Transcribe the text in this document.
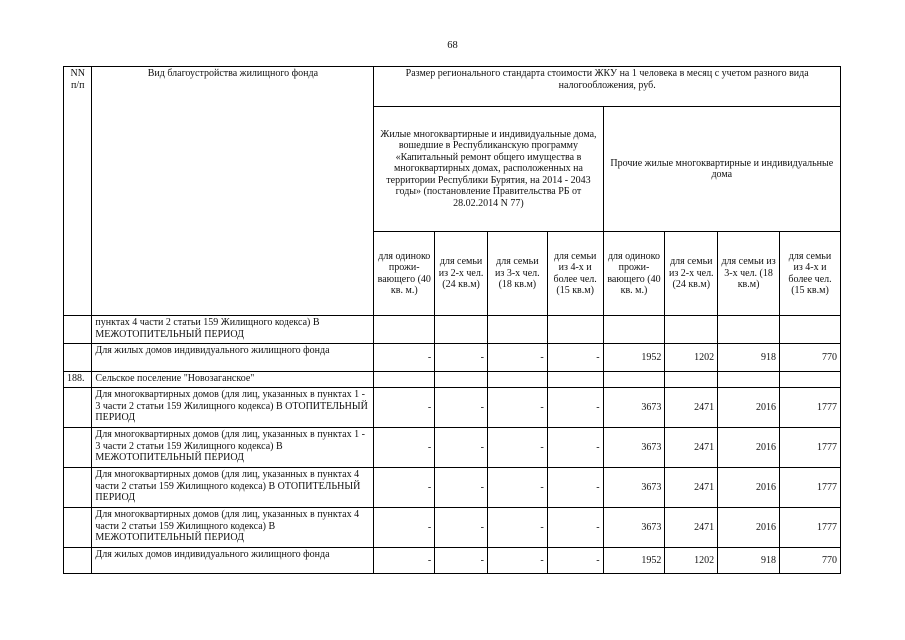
68
NN п/п	Вид благоустройства жилищного фонда	Размер регионального стандарта стоимости ЖКУ на 1 человека в месяц с учетом разного вида налогообложения, руб.							
		Жилые многоквартирные и индивидуальные дома, вошедшие в Республиканскую программу «Капитальный ремонт общего имущества в многоквартирных домах, расположенных на территории Республики Бурятия, на 2014 - 2043 годы» (постановление Правительства РБ от 28.02.2014 N 77)				Прочие жилые многоквартирные и индивидуальные дома			
		для одиноко прожи-вающего (40 кв. м.)	для семьи из 2-х чел. (24 кв.м)	для семьи из 3-х чел. (18 кв.м)	для семьи из 4-х и более чел. (15 кв.м)	для одиноко прожи-вающего (40 кв. м.)	для семьи из 2-х чел. (24 кв.м)	для семьи из 3-х чел. (18 кв.м)	для семьи из 4-х и более чел. (15 кв.м)
	пунктах 4 части 2 статьи 159 Жилищного кодекса) В МЕЖОТОПИТЕЛЬНЫЙ ПЕРИОД								
	Для жилых домов индивидуального жилищного фонда	-	-	-	-	1952	1202	918	770
188.	Сельское поселение "Новозаганское"								
	Для многоквартирных домов (для лиц, указанных в пунктах 1 - 3 части 2 статьи 159 Жилищного кодекса) В ОТОПИТЕЛЬНЫЙ ПЕРИОД	-	-	-	-	3673	2471	2016	1777
	Для многоквартирных домов (для лиц, указанных в пунктах 1 - 3 части 2 статьи 159 Жилищного кодекса) В МЕЖОТОПИТЕЛЬНЫЙ ПЕРИОД	-	-	-	-	3673	2471	2016	1777
	Для многоквартирных домов (для лиц, указанных в пунктах 4 части 2 статьи 159 Жилищного кодекса) В ОТОПИТЕЛЬНЫЙ ПЕРИОД	-	-	-	-	3673	2471	2016	1777
	Для многоквартирных домов (для лиц, указанных в пунктах 4 части 2 статьи 159 Жилищного кодекса) В МЕЖОТОПИТЕЛЬНЫЙ ПЕРИОД	-	-	-	-	3673	2471	2016	1777
	Для жилых домов индивидуального жилищного фонда	-	-	-	-	1952	1202	918	770
